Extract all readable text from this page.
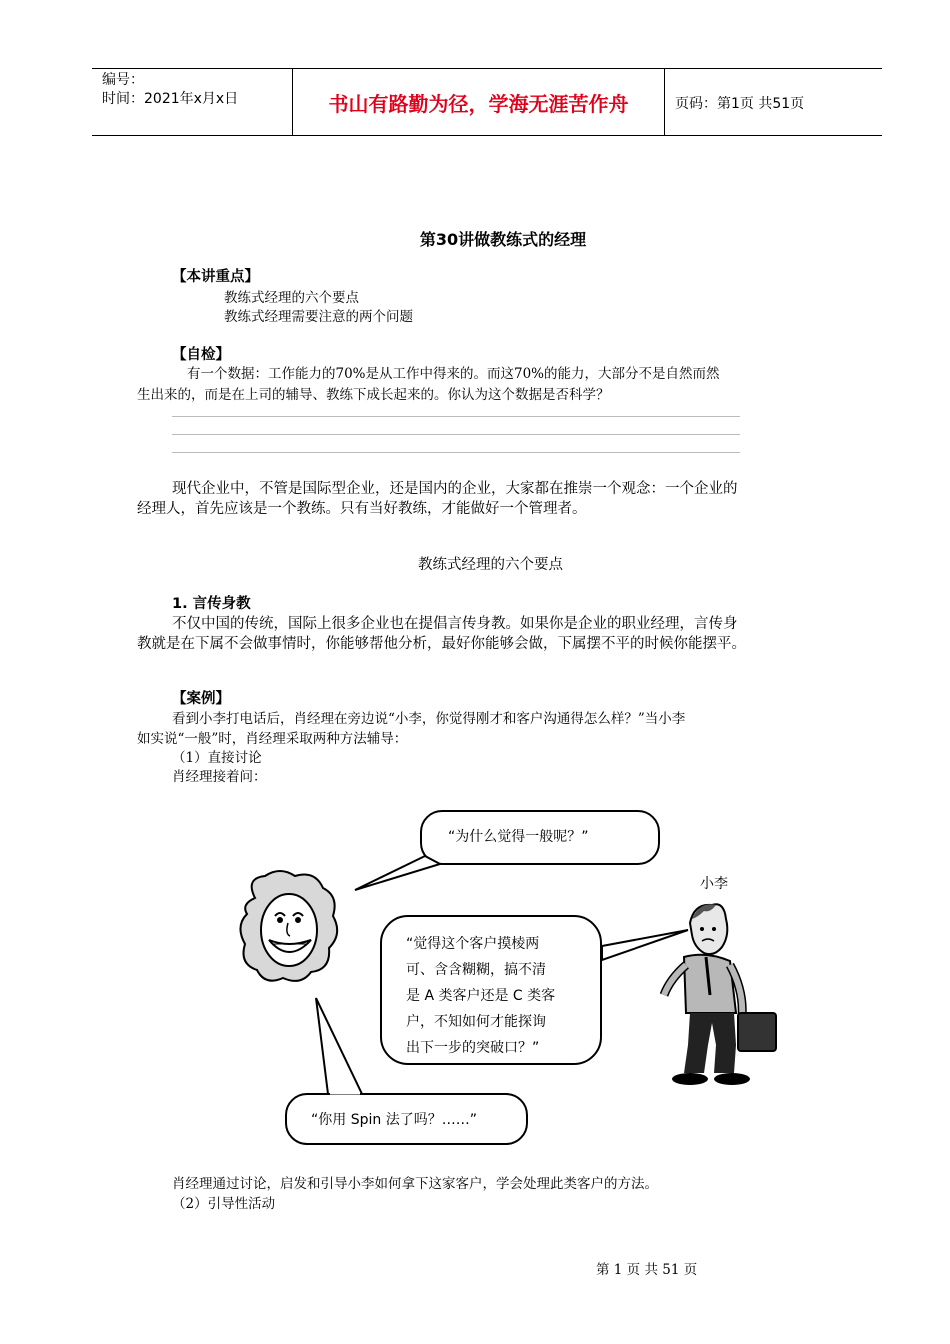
编号：
时间：2021年x月x日	书山有路勤为径，学海无涯苦作舟	页码：第1页 共51页
第30讲做教练式的经理
【本讲重点】
教练式经理的六个要点
教练式经理需要注意的两个问题
【自检】
有一个数据：工作能力的70%是从工作中得来的。而这70%的能力，大部分不是自然而然
生出来的，而是在上司的辅导、教练下成长起来的。你认为这个数据是否科学？
现代企业中，不管是国际型企业，还是国内的企业，大家都在推崇一个观念：一个企业的
经理人，首先应该是一个教练。只有当好教练，才能做好一个管理者。
教练式经理的六个要点
1. 言传身教
不仅中国的传统，国际上很多企业也在提倡言传身教。如果你是企业的职业经理，言传身
教就是在下属不会做事情时，你能够帮他分析，最好你能够会做，下属摆不平的时候你能摆平。
【案例】
看到小李打电话后，肖经理在旁边说“小李，你觉得刚才和客户沟通得怎么样？”当小李
如实说“一般”时，肖经理采取两种方法辅导：
（1）直接讨论
肖经理接着问：
“为什么觉得一般呢？”
小李
“觉得这个客户摸棱两
可、含含糊糊，搞不清
是 A 类客户还是 C 类客
户，不知如何才能探询
出下一步的突破口？”
“你用 Spin 法了吗？……”
肖经理通过讨论，启发和引导小李如何拿下这家客户，学会处理此类客户的方法。
（2）引导性活动
第 1 页 共 51 页
